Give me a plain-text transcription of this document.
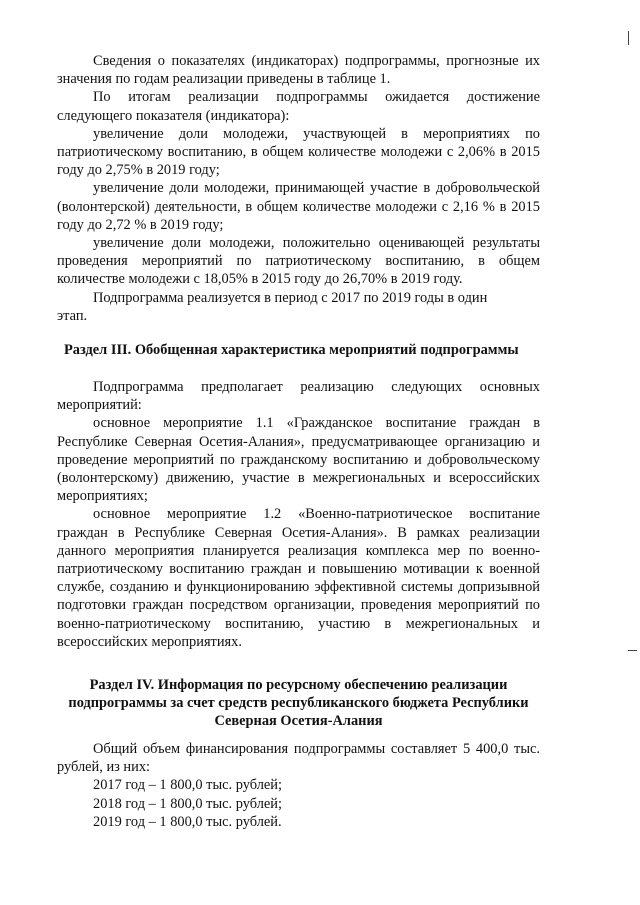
Сведения о показателях (индикаторах) подпрограммы, прогнозные их значения по годам реализации приведены в таблице 1.

По итогам реализации подпрограммы ожидается достижение следующего показателя (индикатора):

увеличение доли молодежи, участвующей в мероприятиях по патриотическому воспитанию, в общем количестве молодежи с 2,06% в 2015 году до 2,75% в 2019 году;

увеличение доли молодежи, принимающей участие в добровольческой (волонтерской) деятельности, в общем количестве молодежи с 2,16 % в 2015 году до 2,72 % в 2019 году;

увеличение доли молодежи, положительно оценивающей результаты проведения мероприятий по патриотическому воспитанию, в общем количестве молодежи с 18,05% в 2015 году до 26,70% в 2019 году.

Подпрограмма реализуется в период с 2017 по 2019 годы в один

этап.

Раздел III. Обобщенная характеристика мероприятий подпрограммы

Подпрограмма предполагает реализацию следующих основных мероприятий:

основное мероприятие 1.1 «Гражданское воспитание граждан в Республике Северная Осетия-Алания», предусматривающее организацию и проведение мероприятий по гражданскому воспитанию и добровольческому (волонтерскому) движению, участие в межрегиональных и всероссийских мероприятиях;

основное мероприятие 1.2 «Военно-патриотическое воспитание граждан в Республике Северная Осетия-Алания». В рамках реализации данного мероприятия планируется реализация комплекса мер по военно-патриотическому воспитанию граждан и повышению мотивации к военной службе, созданию и функционированию эффективной системы допризывной подготовки граждан посредством организации, проведения мероприятий по военно-патриотическому воспитанию, участию в межрегиональных и всероссийских мероприятиях.

Раздел IV. Информация по ресурсному обеспечению реализации
подпрограммы за счет средств республиканского бюджета Республики
Северная Осетия-Алания

Общий объем финансирования подпрограммы составляет 5 400,0 тыс. рублей, из них:

2017 год – 1 800,0 тыс. рублей;

2018 год – 1 800,0 тыс. рублей;

2019 год – 1 800,0 тыс. рублей.
